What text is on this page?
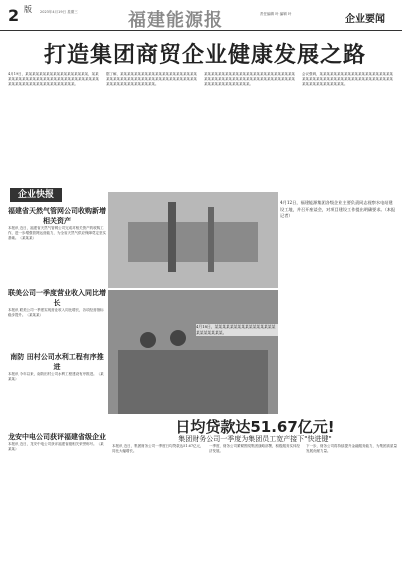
2 版 2023年4月19日 星期三	福建能源报	责任编辑 叶 编辑 叶	企业要闻
打造集团商贸企业健康发展之路
4月19日，某某某某某某某某某某某某某某某某某某，某某某某某某某某某某某某某某某某某某某某某某某某某某某某某某某某某某某某某某某某某某某某某某某。
据了解，某某某某某某某某某某某某某某某某某某某某某某某某某某某某某某某某某某某某某某某某某某某某某某某某某某某某某某某某某某某某某某。
某某某某某某某某某某某某某某某某某某某某某某某某某某某某某某某某某某某某某某某某某某某某某某某某某某某某某某某某某某某某某某某某某。
会议强调，某某某某某某某某某某某某某某某某某某某某某某某某某某某某某某某某某某某某某某某某某某某某某某某某某某某某某某某某某某某。
企业快报
福建省天然气管网公司收购新增相关资产
本报讯 近日，福建省天然气管网公司完成对相关资产的收购工作，进一步增强管网运营能力，为全省天然气供应保障奠定坚实基础。（某某某）
联美公司一季度营业收入同比增长
本报讯 联美公司一季度实现营业收入同比增长，各项经营指标稳步提升。（某某某）
南防 田村公司水利工程有序推进
本报讯 今年以来，南防田村公司水利工程建设有序推进。（某某某）
龙安中电公司获评福建省级企业
本报讯 近日，龙安中电公司获评福建省级相关荣誉称号。（某某某）
4月12日，福建能源集团各级企业主要负责同志视察水电站建设工地，并召开座谈会，对项目建设工作提出明确要求。（本报记者）
4月18日，某某某某某某某某某某某某某某某某某某某某某某某。
日均贷款达51.67亿元!
集团财务公司一季度为集团员工宽产接下"快进键"
本报讯 近日，集团财务公司一季度日均贷款达51.67亿元，同比大幅增长。
一季度，财务公司紧紧围绕集团战略部署，积极服务实体经济发展。
下一步，财务公司将持续提升金融服务能力，为集团高质量发展贡献力量。
